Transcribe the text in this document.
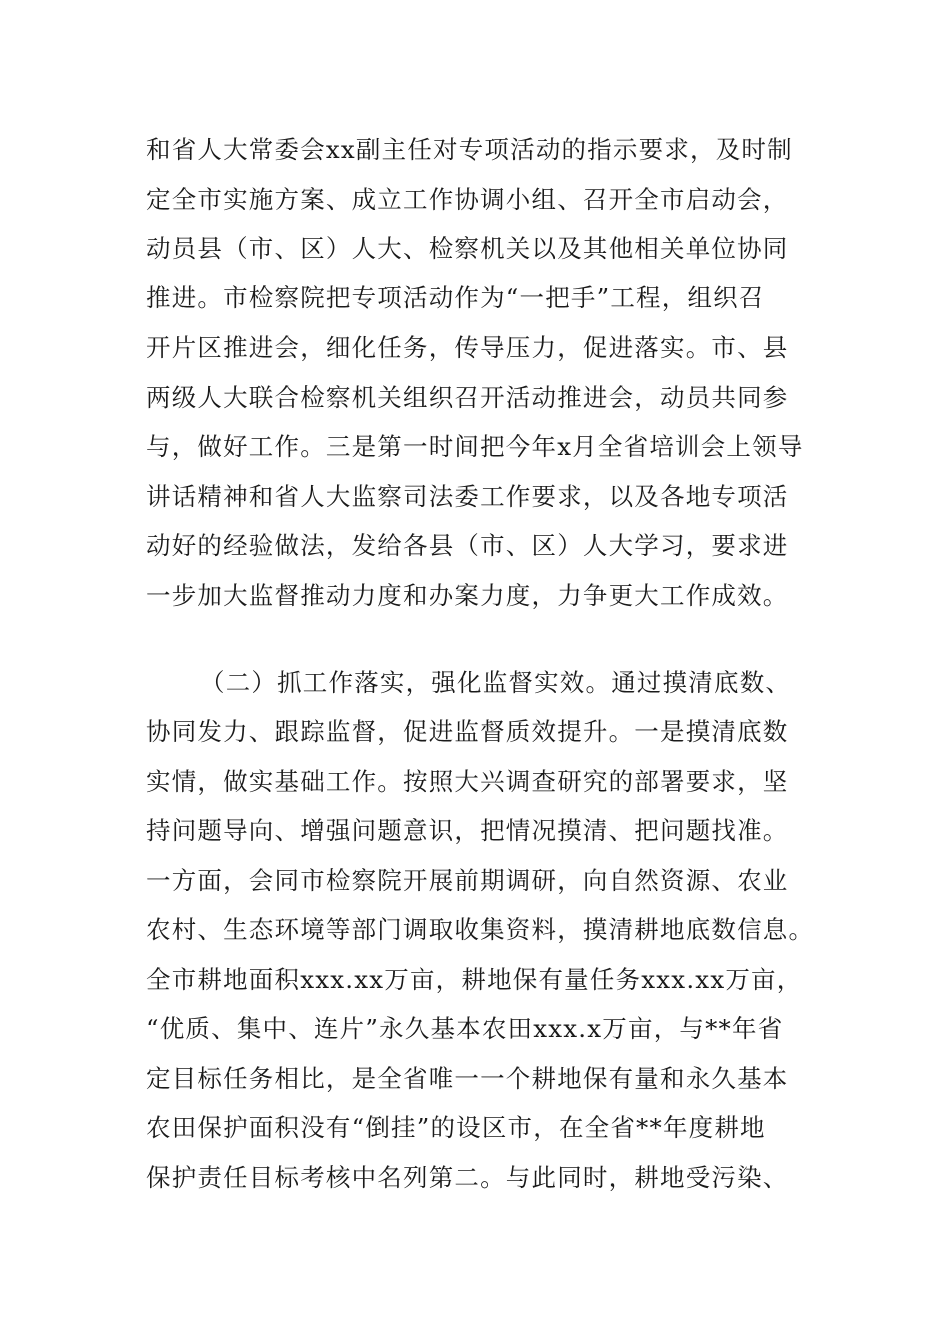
和省人大常委会xx副主任对专项活动的指示要求，及时制
定全市实施方案、成立工作协调小组、召开全市启动会，
动员县（市、区）人大、检察机关以及其他相关单位协同
推进。市检察院把专项活动作为“一把手”工程，组织召
开片区推进会，细化任务，传导压力，促进落实。市、县
两级人大联合检察机关组织召开活动推进会，动员共同参
与，做好工作。三是第一时间把今年x月全省培训会上领导
讲话精神和省人大监察司法委工作要求，以及各地专项活
动好的经验做法，发给各县（市、区）人大学习，要求进
一步加大监督推动力度和办案力度，力争更大工作成效。
（二）抓工作落实，强化监督实效。通过摸清底数、
协同发力、跟踪监督，促进监督质效提升。一是摸清底数
实情，做实基础工作。按照大兴调查研究的部署要求，坚
持问题导向、增强问题意识，把情况摸清、把问题找准。
一方面，会同市检察院开展前期调研，向自然资源、农业
农村、生态环境等部门调取收集资料，摸清耕地底数信息。
全市耕地面积xxx.xx万亩，耕地保有量任务xxx.xx万亩，
“优质、集中、连片”永久基本农田xxx.x万亩，与**年省
定目标任务相比，是全省唯一一个耕地保有量和永久基本
农田保护面积没有“倒挂”的设区市，在全省**年度耕地
保护责任目标考核中名列第二。与此同时，耕地受污染、
